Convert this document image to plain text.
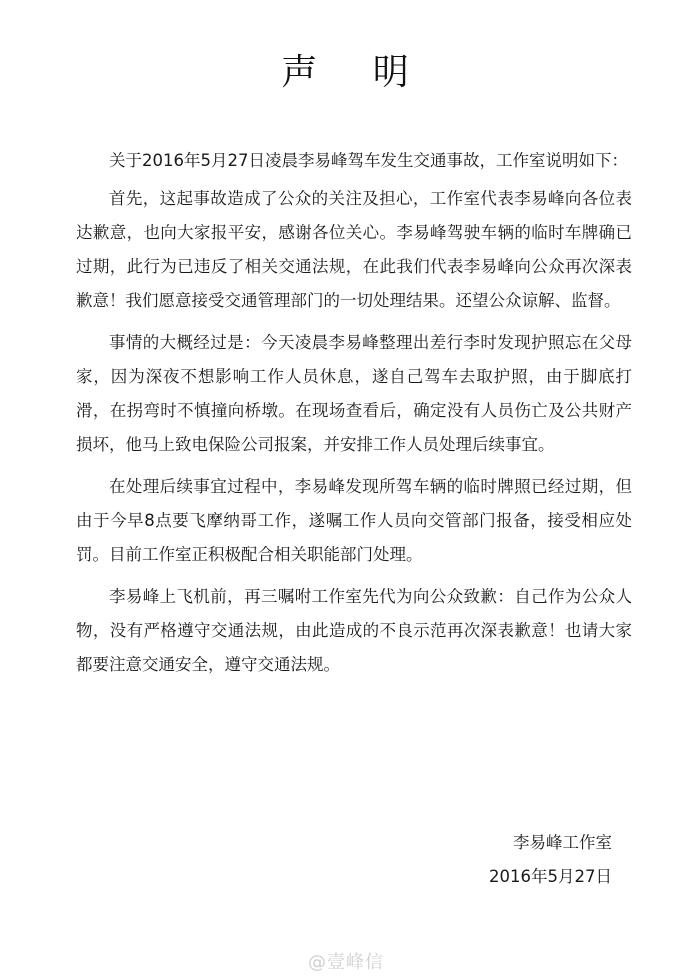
声 明

关于2016年5月27日凌晨李易峰驾车发生交通事故，工作室说明如下：

首先，这起事故造成了公众的关注及担心，工作室代表李易峰向各位表达歉意，也向大家报平安，感谢各位关心。李易峰驾驶车辆的临时车牌确已过期，此行为已违反了相关交通法规，在此我们代表李易峰向公众再次深表歉意！我们愿意接受交通管理部门的一切处理结果。还望公众谅解、监督。

事情的大概经过是：今天凌晨李易峰整理出差行李时发现护照忘在父母家，因为深夜不想影响工作人员休息，遂自己驾车去取护照，由于脚底打滑，在拐弯时不慎撞向桥墩。在现场查看后，确定没有人员伤亡及公共财产损坏，他马上致电保险公司报案，并安排工作人员处理后续事宜。

在处理后续事宜过程中，李易峰发现所驾车辆的临时牌照已经过期，但由于今早8点要飞摩纳哥工作，遂嘱工作人员向交管部门报备，接受相应处罚。目前工作室正积极配合相关职能部门处理。

李易峰上飞机前，再三嘱咐工作室先代为向公众致歉：自己作为公众人物，没有严格遵守交通法规，由此造成的不良示范再次深表歉意！也请大家都要注意交通安全，遵守交通法规。

李易峰工作室
2016年5月27日
@壹峰信
